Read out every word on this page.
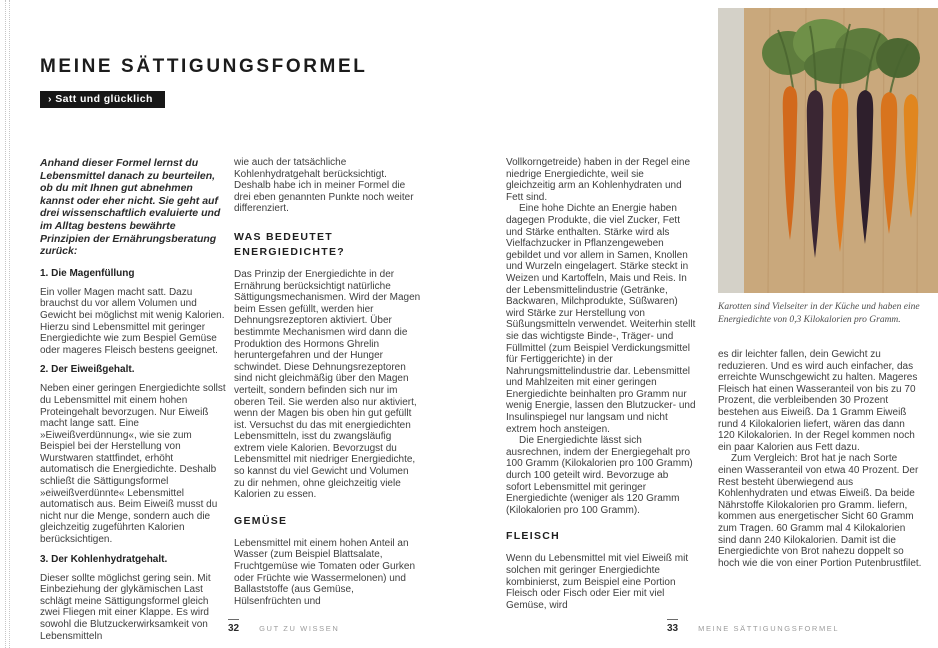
MEINE SÄTTIGUNGSFORMEL
› Satt und glücklich

Anhand dieser Formel lernst du Lebensmittel danach zu beurteilen, ob du mit Ihnen gut abnehmen kannst oder eher nicht. Sie geht auf drei wissenschaftlich evaluierte und im Alltag bestens bewährte Prinzipien der Ernährungsberatung zurück:

1. Die Magenfüllung

Ein voller Magen macht satt. Dazu brauchst du vor allem Volumen und Gewicht bei möglichst mit wenig Kalorien. Hierzu sind Lebensmittel mit geringer Energiedichte wie zum Bespiel Gemüse oder mageres Fleisch bestens geeignet.

2. Der Eiweißgehalt.

Neben einer geringen Energiedichte sollst du Lebensmittel mit einem hohen Proteingehalt bevorzugen. Nur Eiweiß macht lange satt. Eine »Eiweißverdünnung«, wie sie zum Beispiel bei der Herstellung von Wurstwaren stattfindet, erhöht automatisch die Energiedichte. Deshalb schließt die Sättigungsformel »eiweißverdünnte« Lebensmittel automatisch aus. Beim Eiweiß musst du nicht nur die Menge, sondern auch die gleichzeitig zugeführten Kalorien berücksichtigen.

3. Der Kohlenhydratgehalt.

Dieser sollte möglichst gering sein. Mit Einbeziehung der glykämischen Last schlägt meine Sättigungsformel gleich zwei Fliegen mit einer Klappe. Es wird sowohl die Blutzuckerwirksamkeit von Lebensmitteln

wie auch der tatsächliche Kohlenhydratgehalt berücksichtigt. Deshalb habe ich in meiner Formel die drei eben genannten Punkte noch weiter differenziert.

WAS BEDEUTET ENERGIEDICHTE?

Das Prinzip der Energiedichte in der Ernährung berücksichtigt natürliche Sättigungsmechanismen. Wird der Magen beim Essen gefüllt, werden hier Dehnungsrezeptoren aktiviert. Über bestimmte Mechanismen wird dann die Produktion des Hormons Ghrelin heruntergefahren und der Hunger schwindet. Diese Dehnungsrezeptoren sind nicht gleichmäßig über den Magen verteilt, sondern befinden sich nur im oberen Teil. Sie werden also nur aktiviert, wenn der Magen bis oben hin gut gefüllt ist. Versuchst du das mit energiedichten Lebensmitteln, isst du zwangsläufig extrem viele Kalorien. Bevorzugst du Lebensmittel mit niedriger Energiedichte, so kannst du viel Gewicht und Volumen zu dir nehmen, ohne gleichzeitig viele Kalorien zu essen.

GEMÜSE

Lebensmittel mit einem hohen Anteil an Wasser (zum Beispiel Blattsalate, Fruchtgemüse wie Tomaten oder Gurken oder Früchte wie Wassermelonen) und Ballaststoffe (aus Gemüse, Hülsenfrüchten und

Vollkorngetreide) haben in der Regel eine niedrige Energiedichte, weil sie gleichzeitig arm an Kohlenhydraten und Fett sind.

Eine hohe Dichte an Energie haben dagegen Produkte, die viel Zucker, Fett und Stärke enthalten. Stärke wird als Vielfachzucker in Pflanzengeweben gebildet und vor allem in Samen, Knollen und Wurzeln eingelagert. Stärke steckt in Weizen und Kartoffeln, Mais und Reis. In der Lebensmittelindustrie (Getränke, Backwaren, Milchprodukte, Süßwaren) wird Stärke zur Herstellung von Süßungsmitteln verwendet. Weiterhin stellt sie das wichtigste Binde-, Träger- und Füllmittel (zum Beispiel Verdickungsmittel für Fertiggerichte) in der Nahrungsmittelindustrie dar. Lebensmittel und Mahlzeiten mit einer geringen Energiedichte beinhalten pro Gramm nur wenig Energie, lassen den Blutzucker- und Insulinspiegel nur langsam und nicht extrem hoch ansteigen.

Die Energiedichte lässt sich ausrechnen, indem der Energiegehalt pro 100 Gramm (Kilokalorien pro 100 Gramm) durch 100 geteilt wird. Bevorzuge ab sofort Lebensmittel mit geringer Energiedichte (weniger als 120 Gramm (Kilokalorien pro 100 Gramm).

FLEISCH

Wenn du Lebensmittel mit viel Eiweiß mit solchen mit geringer Energiedichte kombinierst, zum Beispiel eine Portion Fleisch oder Fisch oder Eier mit viel Gemüse, wird

es dir leichter fallen, dein Gewicht zu reduzieren. Und es wird auch einfacher, das erreichte Wunschgewicht zu halten. Mageres Fleisch hat einen Wasseranteil von bis zu 70 Prozent, die verbleibenden 30 Prozent bestehen aus Eiweiß. Da 1 Gramm Eiweiß rund 4 Kilokalorien liefert, wären das dann 120 Kilokalorien. In der Regel kommen noch ein paar Kalorien aus Fett dazu.

Zum Vergleich: Brot hat je nach Sorte einen Wasseranteil von etwa 40 Prozent. Der Rest besteht überwiegend aus Kohlenhydraten und etwas Eiweiß. Da beide Nährstoffe Kilokalorien pro Gramm. liefern, kommen aus energetischer Sicht 60 Gramm zum Tragen. 60 Gramm mal 4 Kilokalorien sind dann 240 Kilokalorien. Damit ist die Energiedichte von Brot nahezu doppelt so hoch wie die von einer Portion Putenbrustfilet.

Karotten sind Vielseiter in der Küche und haben eine Energiedichte von 0,3 Kilokalorien pro Gramm.
32	GUT ZU WISSEN	33	MEINE SÄTTIGUNGSFORMEL
